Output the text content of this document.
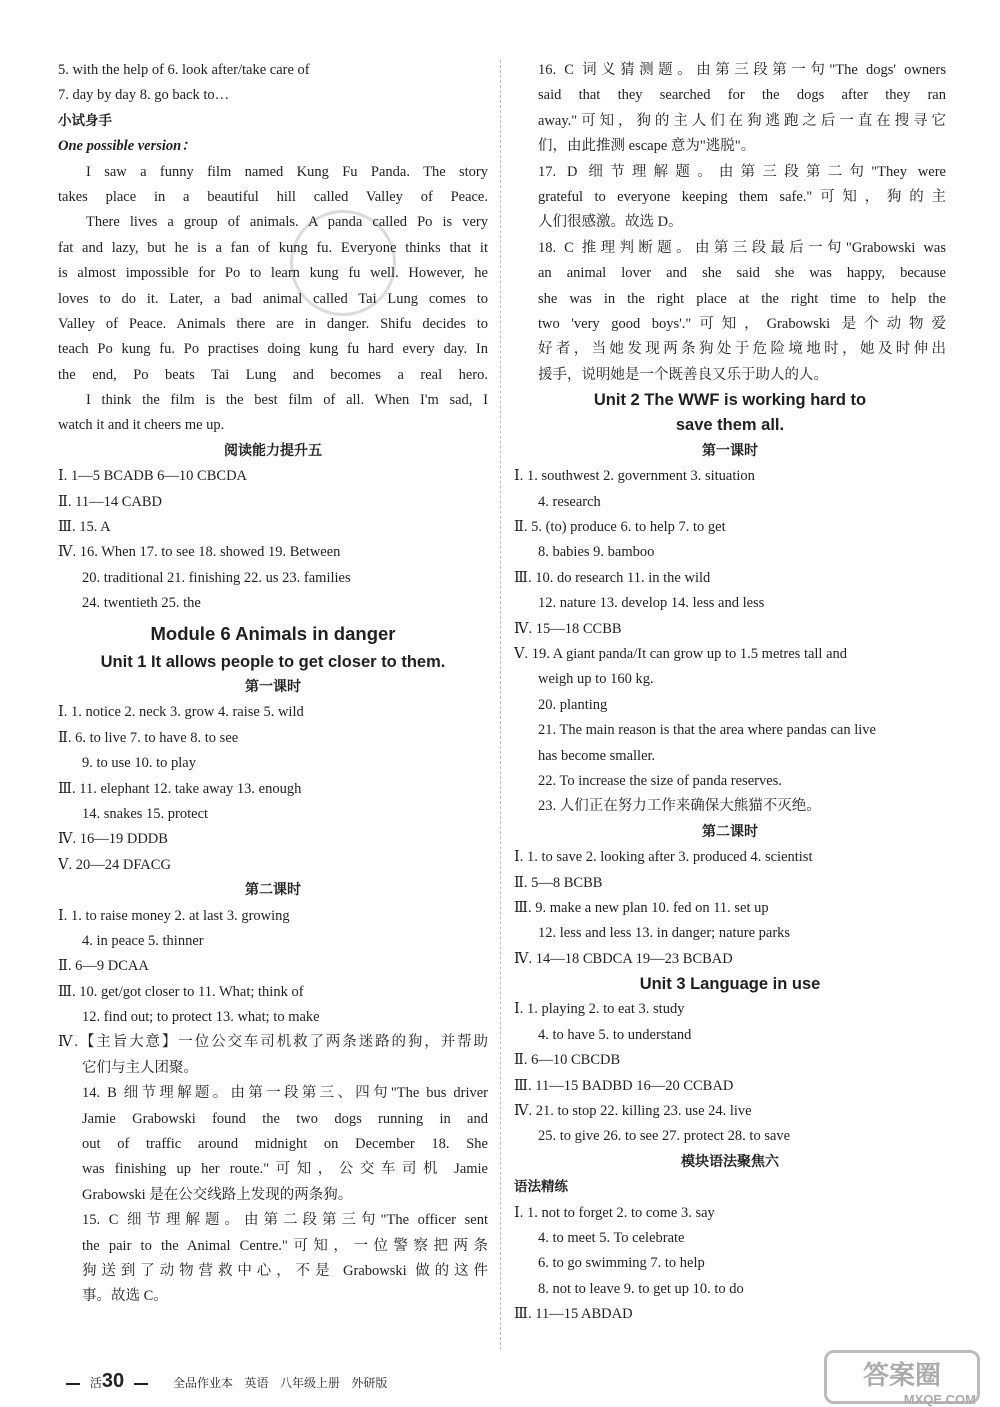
5. with the help of 6. look after/take care of
7. day by day 8. go back to…
小试身手
One possible version：
I saw a funny film named Kung Fu Panda. The story
takes place in a beautiful hill called Valley of Peace.
There lives a group of animals. A panda called Po is very
fat and lazy, but he is a fan of kung fu. Everyone thinks that it
is almost impossible for Po to learn kung fu well. However, he
loves to do it. Later, a bad animal called Tai Lung comes to
Valley of Peace. Animals there are in danger. Shifu decides to
teach Po kung fu. Po practises doing kung fu hard every day. In
the end, Po beats Tai Lung and becomes a real hero.
I think the film is the best film of all. When I'm sad, I
watch it and it cheers me up.
阅读能力提升五
Ⅰ. 1—5 BCADB 6—10 CBCDA
Ⅱ. 11—14 CABD
Ⅲ. 15. A
Ⅳ. 16. When 17. to see 18. showed 19. Between
20. traditional 21. finishing 22. us 23. families
24. twentieth 25. the
Module 6 Animals in danger
Unit 1 It allows people to get closer to them.
第一课时
Ⅰ. 1. notice 2. neck 3. grow 4. raise 5. wild
Ⅱ. 6. to live 7. to have 8. to see
9. to use 10. to play
Ⅲ. 11. elephant 12. take away 13. enough
14. snakes 15. protect
Ⅳ. 16—19 DDDB
Ⅴ. 20—24 DFACG
第二课时
Ⅰ. 1. to raise money 2. at last 3. growing
4. in peace 5. thinner
Ⅱ. 6—9 DCAA
Ⅲ. 10. get/got closer to 11. What; think of
12. find out; to protect 13. what; to make
Ⅳ.【主旨大意】一位公交车司机救了两条迷路的狗，并帮助
它们与主人团聚。
14. B 细节理解题。由第一段第三、四句"The bus driver
Jamie Grabowski found the two dogs running in and
out of traffic around midnight on December 18. She
was finishing up her route."可知，公交车司机 Jamie
Grabowski 是在公交线路上发现的两条狗。
15. C 细节理解题。由第二段第三句"The officer sent
the pair to the Animal Centre."可知，一位警察把两条
狗送到了动物营救中心，不是 Grabowski 做的这件
事。故选 C。
16. C 词义猜测题。由第三段第一句"The dogs' owners
said that they searched for the dogs after they ran
away."可知，狗的主人们在狗逃跑之后一直在搜寻它
们，由此推测 escape 意为"逃脱"。
17. D 细节理解题。由第三段第二句"They were
grateful to everyone keeping them safe."可知，狗的主
人们很感激。故选 D。
18. C 推理判断题。由第三段最后一句"Grabowski was
an animal lover and she said she was happy, because
she was in the right place at the right time to help the
two 'very good boys'."可知，Grabowski 是个动物爱
好者，当她发现两条狗处于危险境地时，她及时伸出
援手，说明她是一个既善良又乐于助人的人。
Unit 2 The WWF is working hard to
save them all.
第一课时
Ⅰ. 1. southwest 2. government 3. situation
4. research
Ⅱ. 5. (to) produce 6. to help 7. to get
8. babies 9. bamboo
Ⅲ. 10. do research 11. in the wild
12. nature 13. develop 14. less and less
Ⅳ. 15—18 CCBB
Ⅴ. 19. A giant panda/It can grow up to 1.5 metres tall and
weigh up to 160 kg.
20. planting
21. The main reason is that the area where pandas can live
has become smaller.
22. To increase the size of panda reserves.
23. 人们正在努力工作来确保大熊猫不灭绝。
第二课时
Ⅰ. 1. to save 2. looking after 3. produced 4. scientist
Ⅱ. 5—8 BCBB
Ⅲ. 9. make a new plan 10. fed on 11. set up
12. less and less 13. in danger; nature parks
Ⅳ. 14—18 CBDCA 19—23 BCBAD
Unit 3 Language in use
Ⅰ. 1. playing 2. to eat 3. study
4. to have 5. to understand
Ⅱ. 6—10 CBCDB
Ⅲ. 11—15 BADBD 16—20 CCBAD
Ⅳ. 21. to stop 22. killing 23. use 24. live
25. to give 26. to see 27. protect 28. to save
模块语法聚焦六
语法精练
Ⅰ. 1. not to forget 2. to come 3. say
4. to meet 5. To celebrate
6. to go swimming 7. to help
8. not to leave 9. to get up 10. to do
Ⅲ. 11—15 ABDAD
活30	全品作业本 英语 八年级上册 外研版	答案圈
MXQE.COM
